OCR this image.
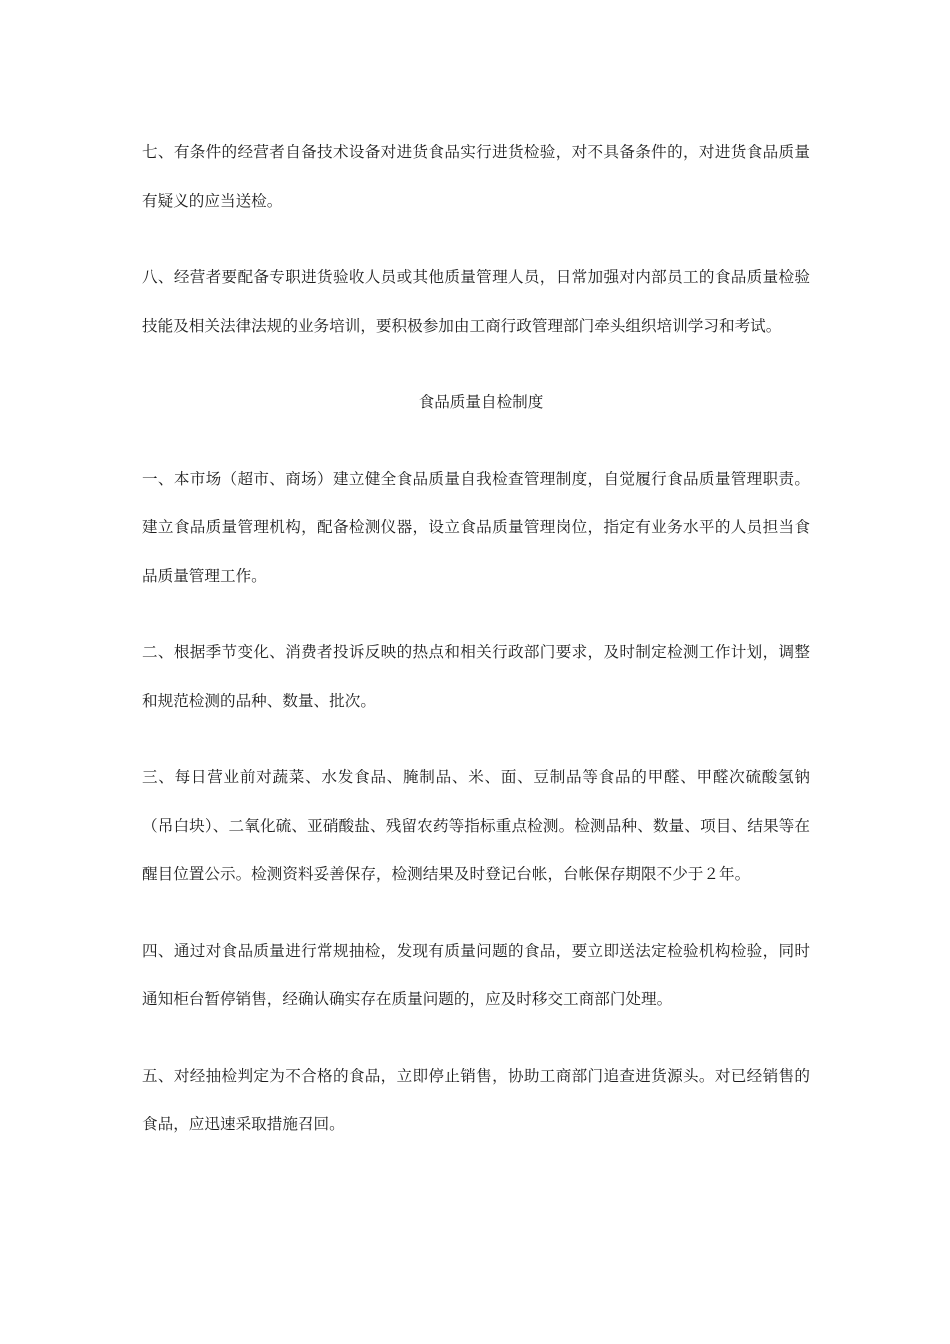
七、有条件的经营者自备技术设备对进货食品实行进货检验，对不具备条件的，对进货食品质量有疑义的应当送检。

八、经营者要配备专职进货验收人员或其他质量管理人员，日常加强对内部员工的食品质量检验技能及相关法律法规的业务培训，要积极参加由工商行政管理部门牵头组织培训学习和考试。

食品质量自检制度

一、本市场（超市、商场）建立健全食品质量自我检查管理制度，自觉履行食品质量管理职责。建立食品质量管理机构，配备检测仪器，设立食品质量管理岗位，指定有业务水平的人员担当食品质量管理工作。

二、根据季节变化、消费者投诉反映的热点和相关行政部门要求，及时制定检测工作计划，调整和规范检测的品种、数量、批次。

三、每日营业前对蔬菜、水发食品、腌制品、米、面、豆制品等食品的甲醛、甲醛次硫酸氢钠（吊白块）、二氧化硫、亚硝酸盐、残留农药等指标重点检测。检测品种、数量、项目、结果等在醒目位置公示。检测资料妥善保存，检测结果及时登记台帐，台帐保存期限不少于２年。

四、通过对食品质量进行常规抽检，发现有质量问题的食品，要立即送法定检验机构检验，同时通知柜台暂停销售，经确认确实存在质量问题的，应及时移交工商部门处理。

五、对经抽检判定为不合格的食品，立即停止销售，协助工商部门追查进货源头。对已经销售的食品，应迅速采取措施召回。
